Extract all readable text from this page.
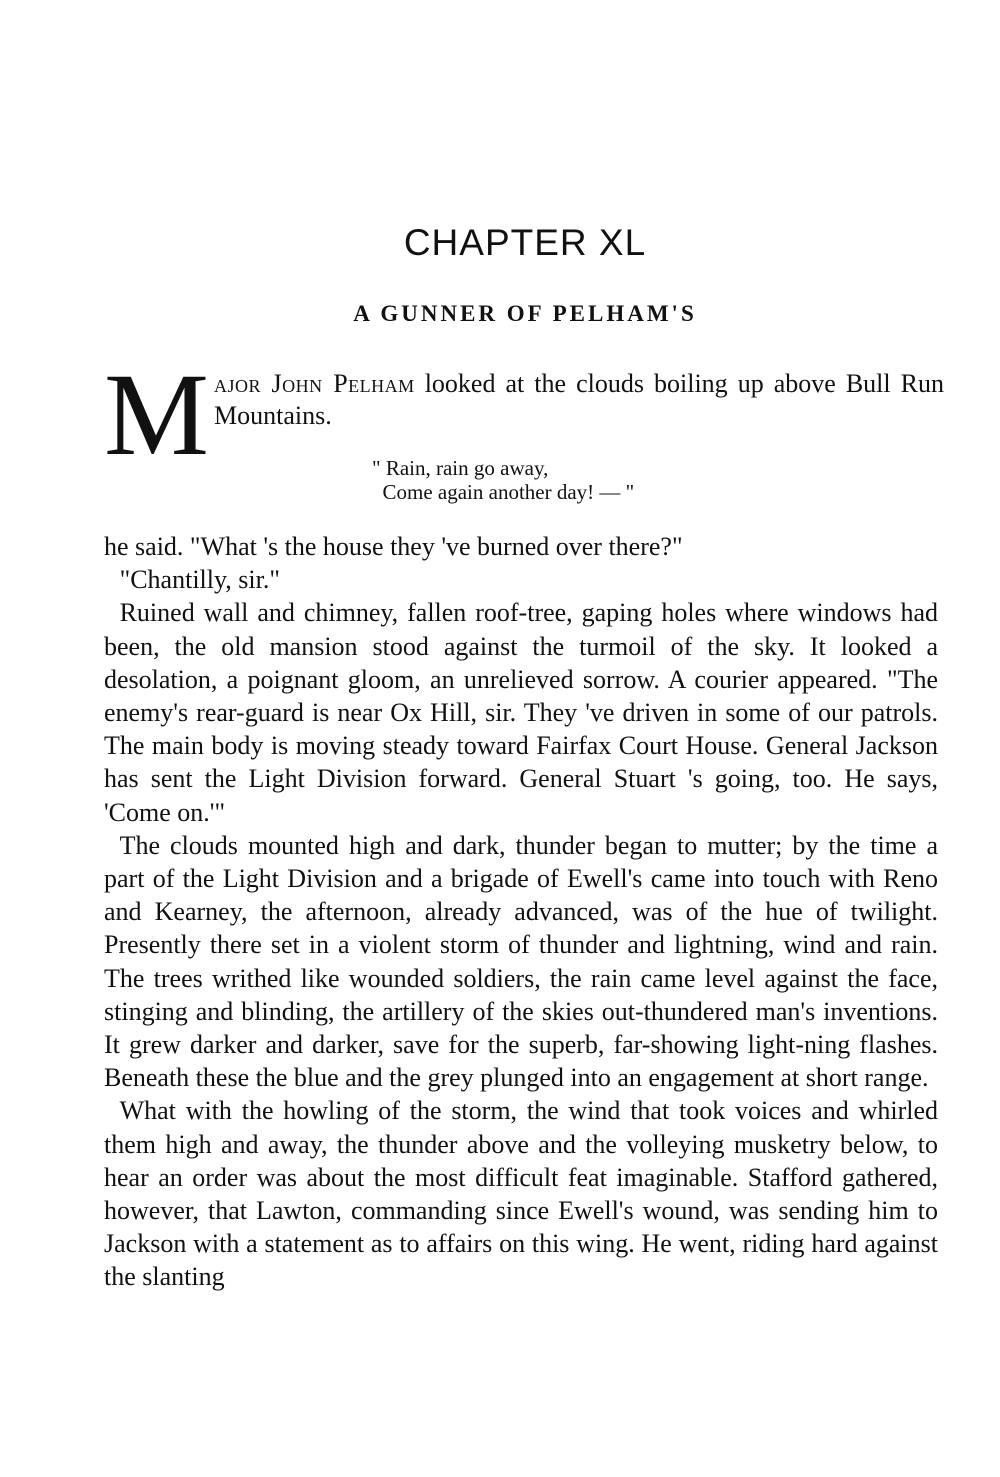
CHAPTER XL
A GUNNER OF PELHAM'S
M ajor John Pelham looked at the clouds boiling up above Bull Run Mountains.

" Rain, rain go away,
Come again another day! — "

he said. "What 's the house they 've burned over there?"

"Chantilly, sir."

Ruined wall and chimney, fallen roof-tree, gaping holes where windows had been, the old mansion stood against the turmoil of the sky. It looked a desolation, a poignant gloom, an unrelieved sorrow. A courier appeared. "The enemy's rear-guard is near Ox Hill, sir. They 've driven in some of our patrols. The main body is moving steady toward Fairfax Court House. General Jackson has sent the Light Division forward. General Stuart 's going, too. He says, 'Come on.'"

The clouds mounted high and dark, thunder began to mutter; by the time a part of the Light Division and a brigade of Ewell's came into touch with Reno and Kearney, the afternoon, already advanced, was of the hue of twilight. Presently there set in a violent storm of thunder and lightning, wind and rain. The trees writhed like wounded soldiers, the rain came level against the face, stinging and blinding, the artillery of the skies out-thundered man's inventions. It grew darker and darker, save for the superb, far-showing light-ning flashes. Beneath these the blue and the grey plunged into an engagement at short range.

What with the howling of the storm, the wind that took voices and whirled them high and away, the thunder above and the volleying musketry below, to hear an order was about the most difficult feat imaginable. Stafford gathered, however, that Lawton, commanding since Ewell's wound, was sending him to Jackson with a statement as to affairs on this wing. He went, riding hard against the slanting
